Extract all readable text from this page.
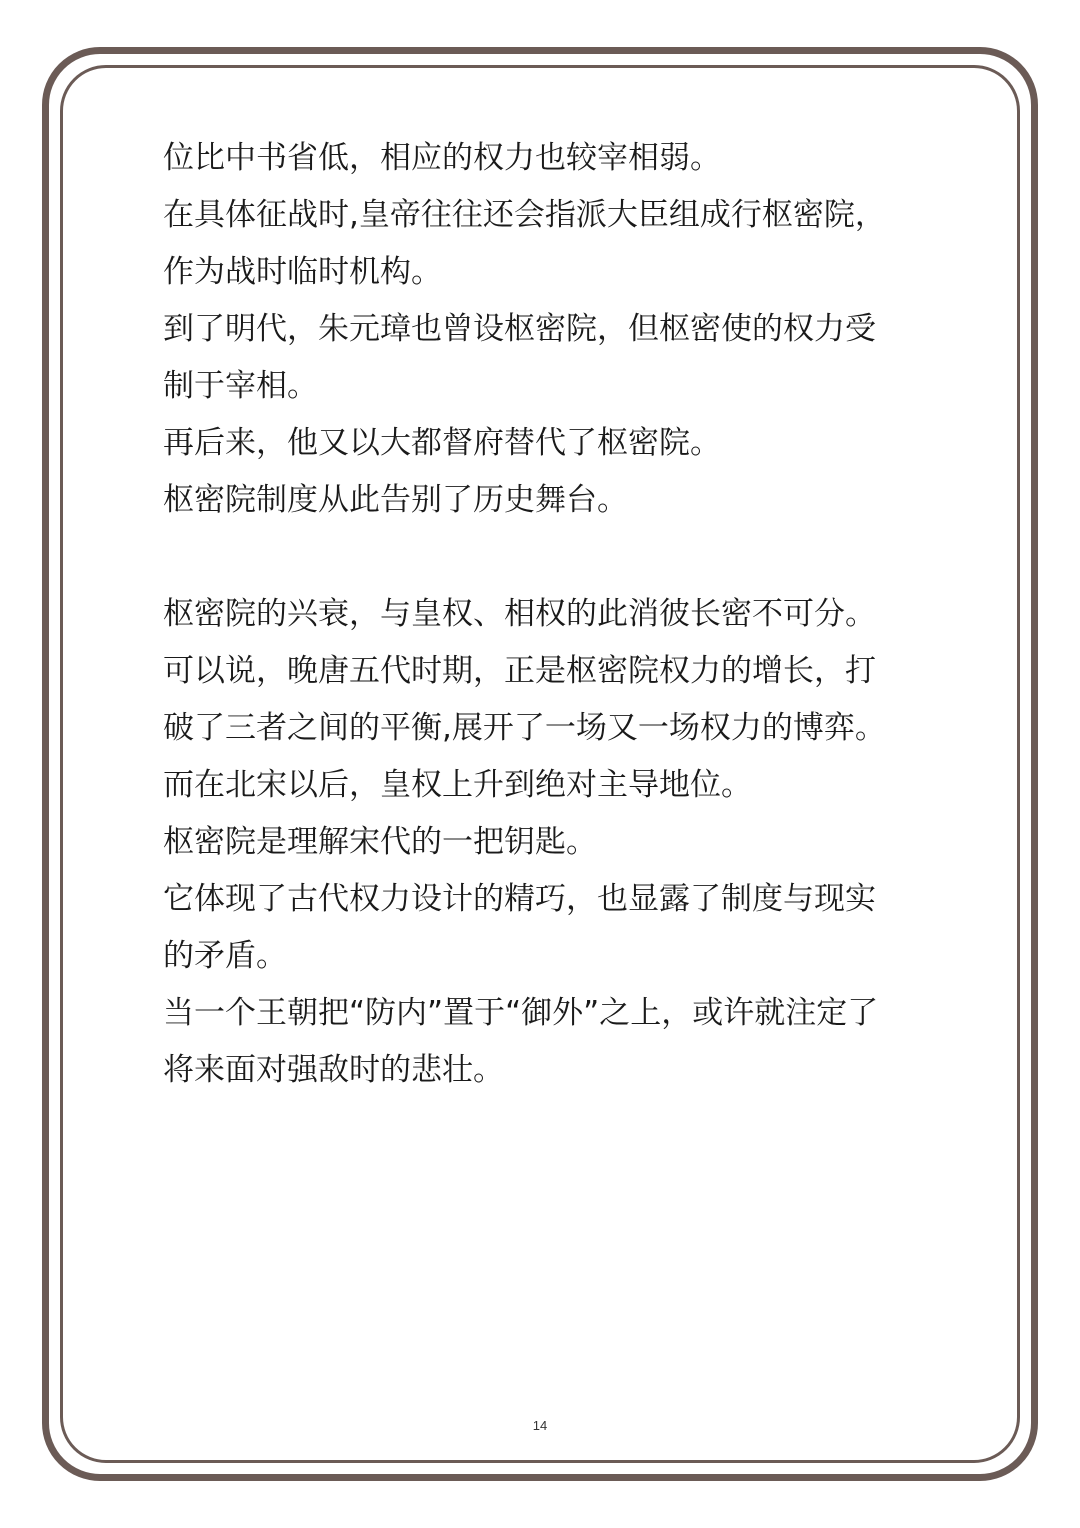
位比中书省低，相应的权力也较宰相弱。
在具体征战时,皇帝往往还会指派大臣组成行枢密院，
作为战时临时机构。
到了明代，朱元璋也曾设枢密院，但枢密使的权力受
制于宰相。
再后来，他又以大都督府替代了枢密院。
枢密院制度从此告别了历史舞台。
枢密院的兴衰，与皇权、相权的此消彼长密不可分。
可以说，晚唐五代时期，正是枢密院权力的增长，打
破了三者之间的平衡,展开了一场又一场权力的博弈。
而在北宋以后，皇权上升到绝对主导地位。
枢密院是理解宋代的一把钥匙。
它体现了古代权力设计的精巧，也显露了制度与现实
的矛盾。
当一个王朝把“防内”置于“御外”之上，或许就注定了
将来面对强敌时的悲壮。
14
